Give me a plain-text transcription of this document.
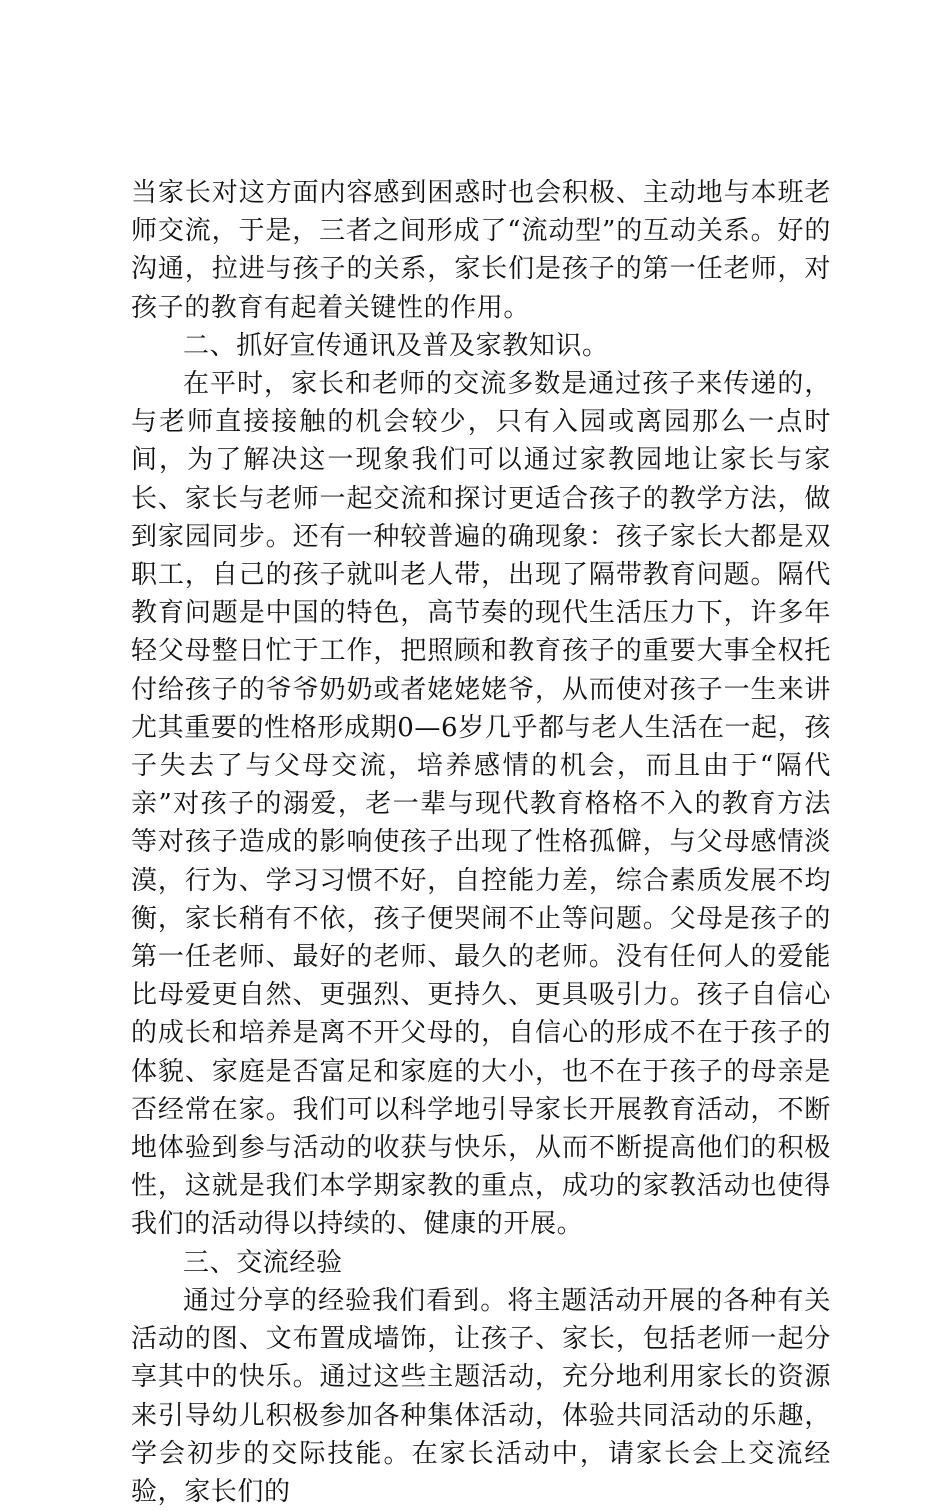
当家长对这方面内容感到困惑时也会积极、主动地与本班老师交流，于是，三者之间形成了“流动型”的互动关系。好的沟通，拉进与孩子的关系，家长们是孩子的第一任老师，对孩子的教育有起着关键性的作用。

二、抓好宣传通讯及普及家教知识。

在平时，家长和老师的交流多数是通过孩子来传递的，与老师直接接触的机会较少，只有入园或离园那么一点时间，为了解决这一现象我们可以通过家教园地让家长与家长、家长与老师一起交流和探讨更适合孩子的教学方法，做到家园同步。还有一种较普遍的确现象：孩子家长大都是双职工，自己的孩子就叫老人带，出现了隔带教育问题。隔代教育问题是中国的特色，高节奏的现代生活压力下，许多年轻父母整日忙于工作，把照顾和教育孩子的重要大事全权托付给孩子的爷爷奶奶或者姥姥姥爷，从而使对孩子一生来讲尤其重要的性格形成期0—6岁几乎都与老人生活在一起，孩子失去了与父母交流，培养感情的机会，而且由于“隔代亲”对孩子的溺爱，老一辈与现代教育格格不入的教育方法等对孩子造成的影响使孩子出现了性格孤僻，与父母感情淡漠，行为、学习习惯不好，自控能力差，综合素质发展不均衡，家长稍有不依，孩子便哭闹不止等问题。父母是孩子的第一任老师、最好的老师、最久的老师。没有任何人的爱能比母爱更自然、更强烈、更持久、更具吸引力。孩子自信心的成长和培养是离不开父母的，自信心的形成不在于孩子的体貌、家庭是否富足和家庭的大小，也不在于孩子的母亲是否经常在家。我们可以科学地引导家长开展教育活动，不断地体验到参与活动的收获与快乐，从而不断提高他们的积极性，这就是我们本学期家教的重点，成功的家教活动也使得我们的活动得以持续的、健康的开展。

三、交流经验

通过分享的经验我们看到。将主题活动开展的各种有关活动的图、文布置成墙饰，让孩子、家长，包括老师一起分享其中的快乐。通过这些主题活动，充分地利用家长的资源来引导幼儿积极参加各种集体活动，体验共同活动的乐趣，学会初步的交际技能。在家长活动中，请家长会上交流经验，家长们的
